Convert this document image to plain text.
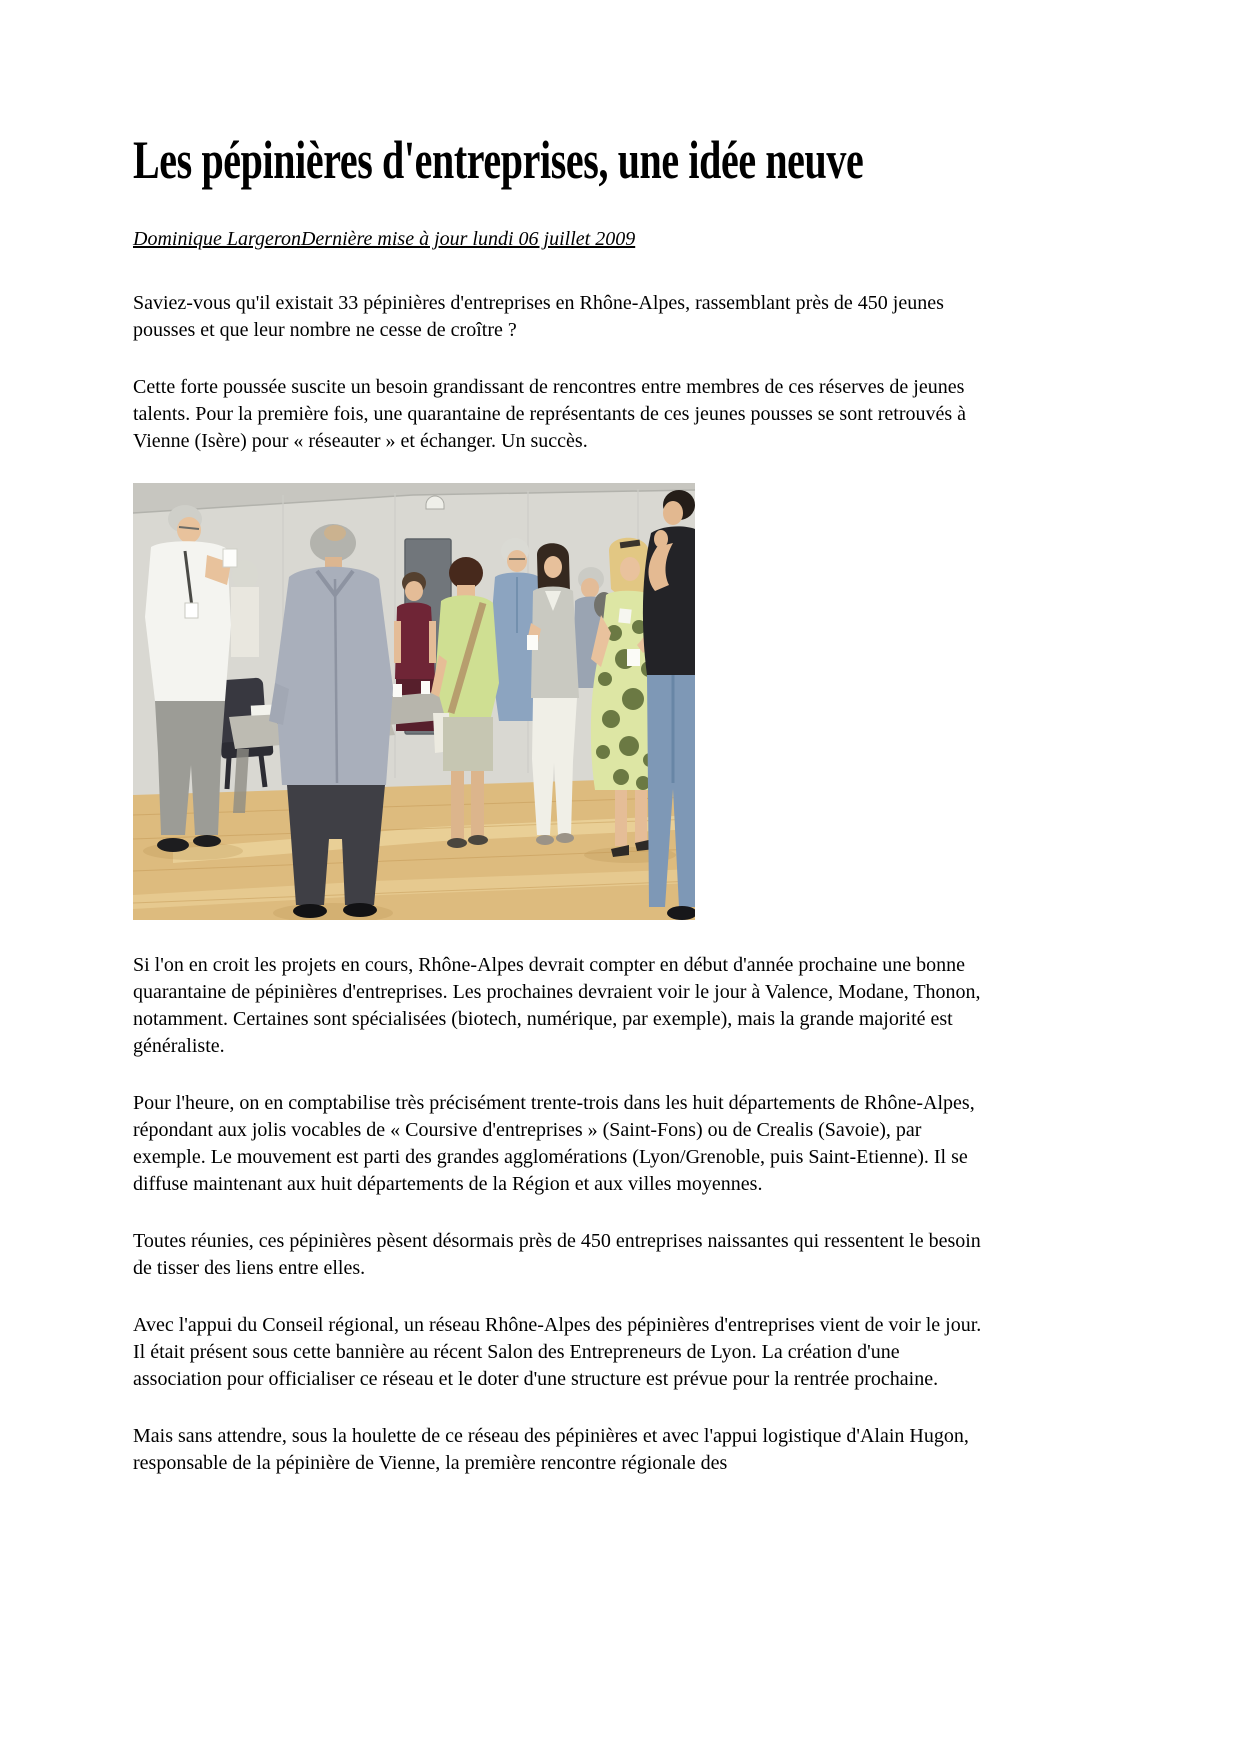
Les pépinières d'entreprises, une idée neuve

Dominique LargeronDernière mise à jour lundi 06 juillet 2009

Saviez-vous qu'il existait 33 pépinières d'entreprises en Rhône-Alpes, rassemblant près de 450 jeunes pousses et que leur nombre ne cesse de croître ?

Cette forte poussée suscite un besoin grandissant de rencontres entre membres de ces réserves de jeunes talents. Pour la première fois, une quarantaine de représentants de ces jeunes pousses se sont retrouvés à Vienne (Isère) pour « réseauter » et échanger. Un succès.

Si l'on en croit les projets en cours, Rhône-Alpes devrait compter en début d'année prochaine une bonne quarantaine de pépinières d'entreprises. Les prochaines devraient voir le jour à Valence, Modane, Thonon, notamment. Certaines sont spécialisées (biotech, numérique, par exemple), mais la grande majorité est généraliste.

Pour l'heure, on en comptabilise très précisément trente-trois dans les huit départements de Rhône-Alpes, répondant aux jolis vocables de « Coursive d'entreprises » (Saint-Fons) ou de Crealis (Savoie), par exemple. Le mouvement est parti des grandes agglomérations (Lyon/Grenoble, puis Saint-Etienne). Il se diffuse maintenant aux huit départements de la Région et aux villes moyennes.

Toutes réunies, ces pépinières pèsent désormais près de 450 entreprises naissantes qui ressentent le besoin de tisser des liens entre elles.

Avec l'appui du Conseil régional, un réseau Rhône-Alpes des pépinières d'entreprises vient de voir le jour. Il était présent sous cette bannière au récent Salon des Entrepreneurs de Lyon. La création d'une association pour officialiser ce réseau et le doter d'une structure est prévue pour la rentrée prochaine.

Mais sans attendre, sous la houlette de ce réseau des pépinières et avec l'appui logistique d'Alain Hugon, responsable de la pépinière de Vienne, la première rencontre régionale des
